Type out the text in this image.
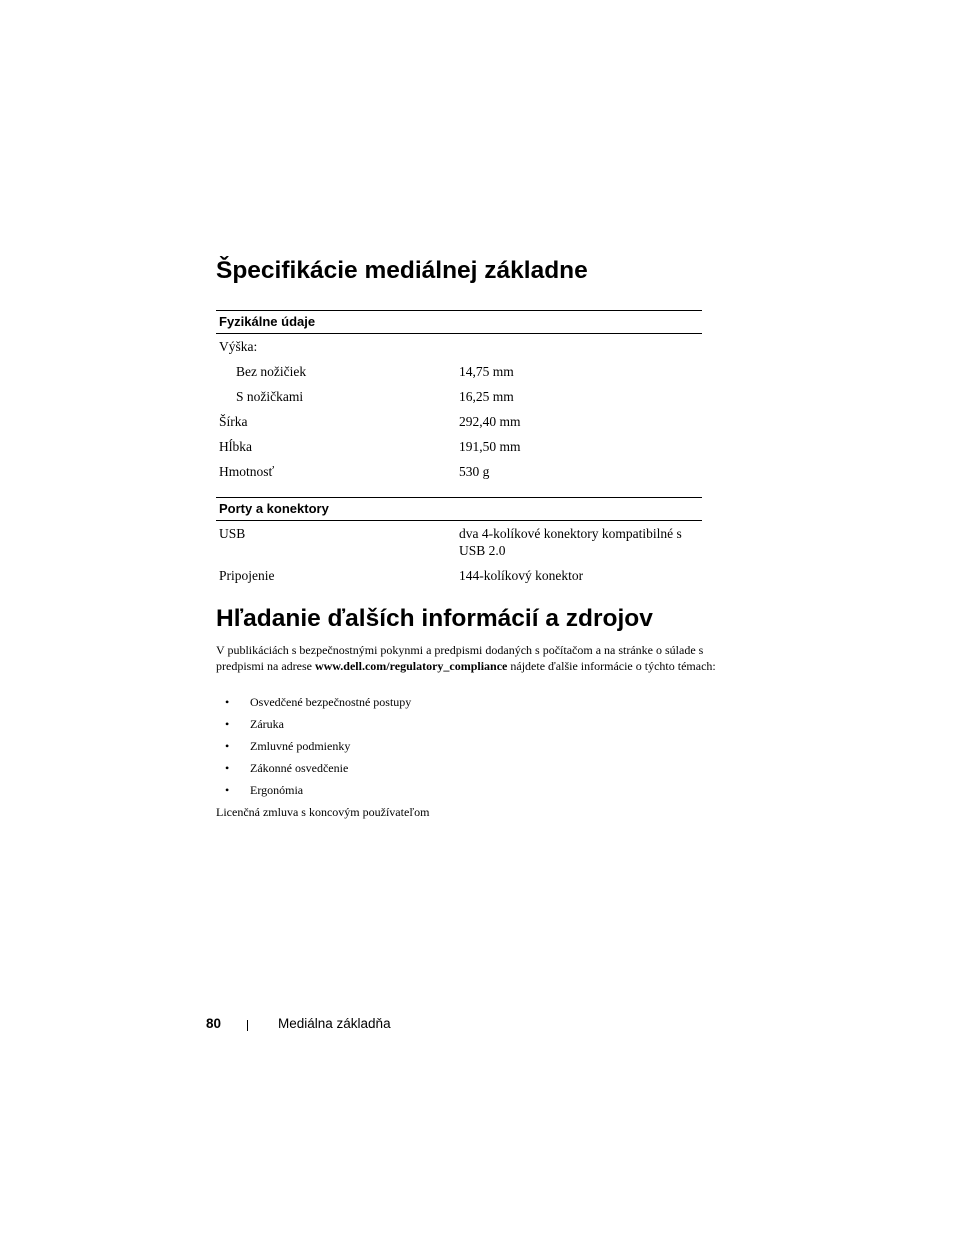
Špecifikácie mediálnej základne
Fyzikálne údaje
Výška:
Bez nožičiek	14,75 mm
S nožičkami	16,25 mm
Šírka	292,40 mm
Hĺbka	191,50 mm
Hmotnosť	530 g
Porty a konektory
USB	dva 4-kolíkové konektory kompatibilné s USB 2.0
Pripojenie	144-kolíkový konektor
Hľadanie ďalších informácií a zdrojov

V publikáciách s bezpečnostnými pokynmi a predpismi dodaných s počítačom a na stránke o súlade s predpismi na adrese www.dell.com/regulatory_compliance nájdete ďalšie informácie o týchto témach:

• Osvedčené bezpečnostné postupy
• Záruka
• Zmluvné podmienky
• Zákonné osvedčenie
• Ergonómia

Licenčná zmluva s koncovým používateľom

80	Mediálna základňa
